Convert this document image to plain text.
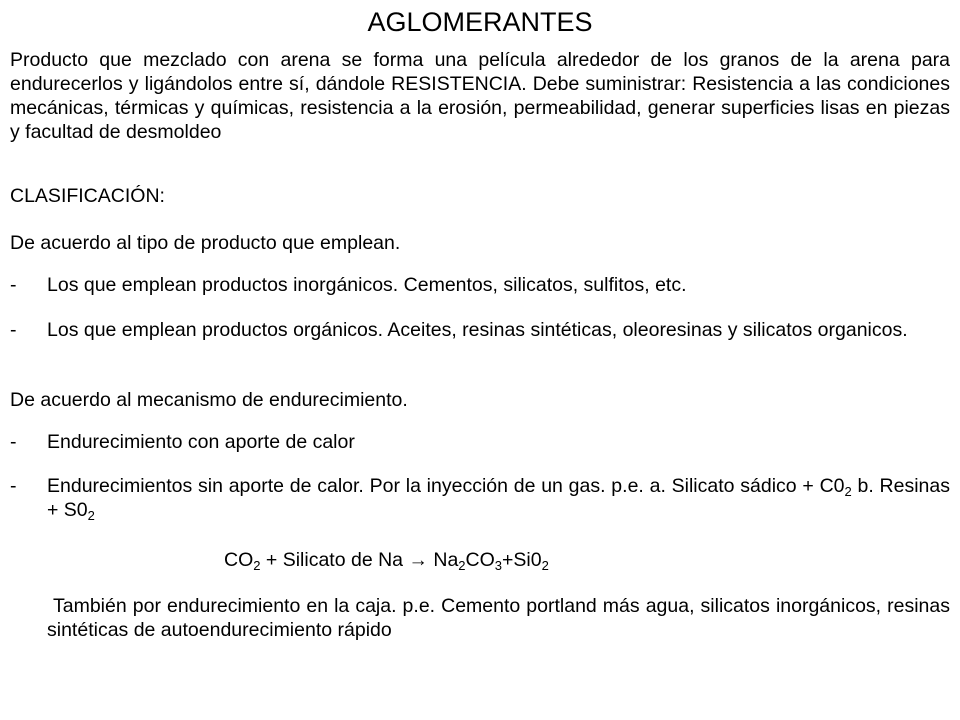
AGLOMERANTES
Producto que mezclado con arena se forma una película alrededor de los granos de la arena para endurecerlos y ligándolos entre sí, dándole RESISTENCIA. Debe suministrar: Resistencia a las condiciones mecánicas, térmicas y químicas, resistencia a la erosión, permeabilidad, generar superficies lisas en piezas y facultad de desmoldeo
CLASIFICACIÓN:
De acuerdo al tipo de producto que emplean.
-	Los que emplean productos inorgánicos. Cementos, silicatos, sulfitos, etc.
-	Los que emplean productos orgánicos. Aceites, resinas sintéticas, oleoresinas y silicatos organicos.
De acuerdo al mecanismo de endurecimiento.
-	Endurecimiento con aporte de calor
-	Endurecimientos sin aporte de calor. Por la inyección de un gas. p.e. a. Silicato sádico + $C0_2$ b. Resinas + $S0_2$
$CO_2$ + Silicato de $Na \to Na_2CO_3+Si0_2$
También por endurecimiento en la caja. p.e. Cemento portland más agua, silicatos inorgánicos, resinas sintéticas de autoendurecimiento rápido
